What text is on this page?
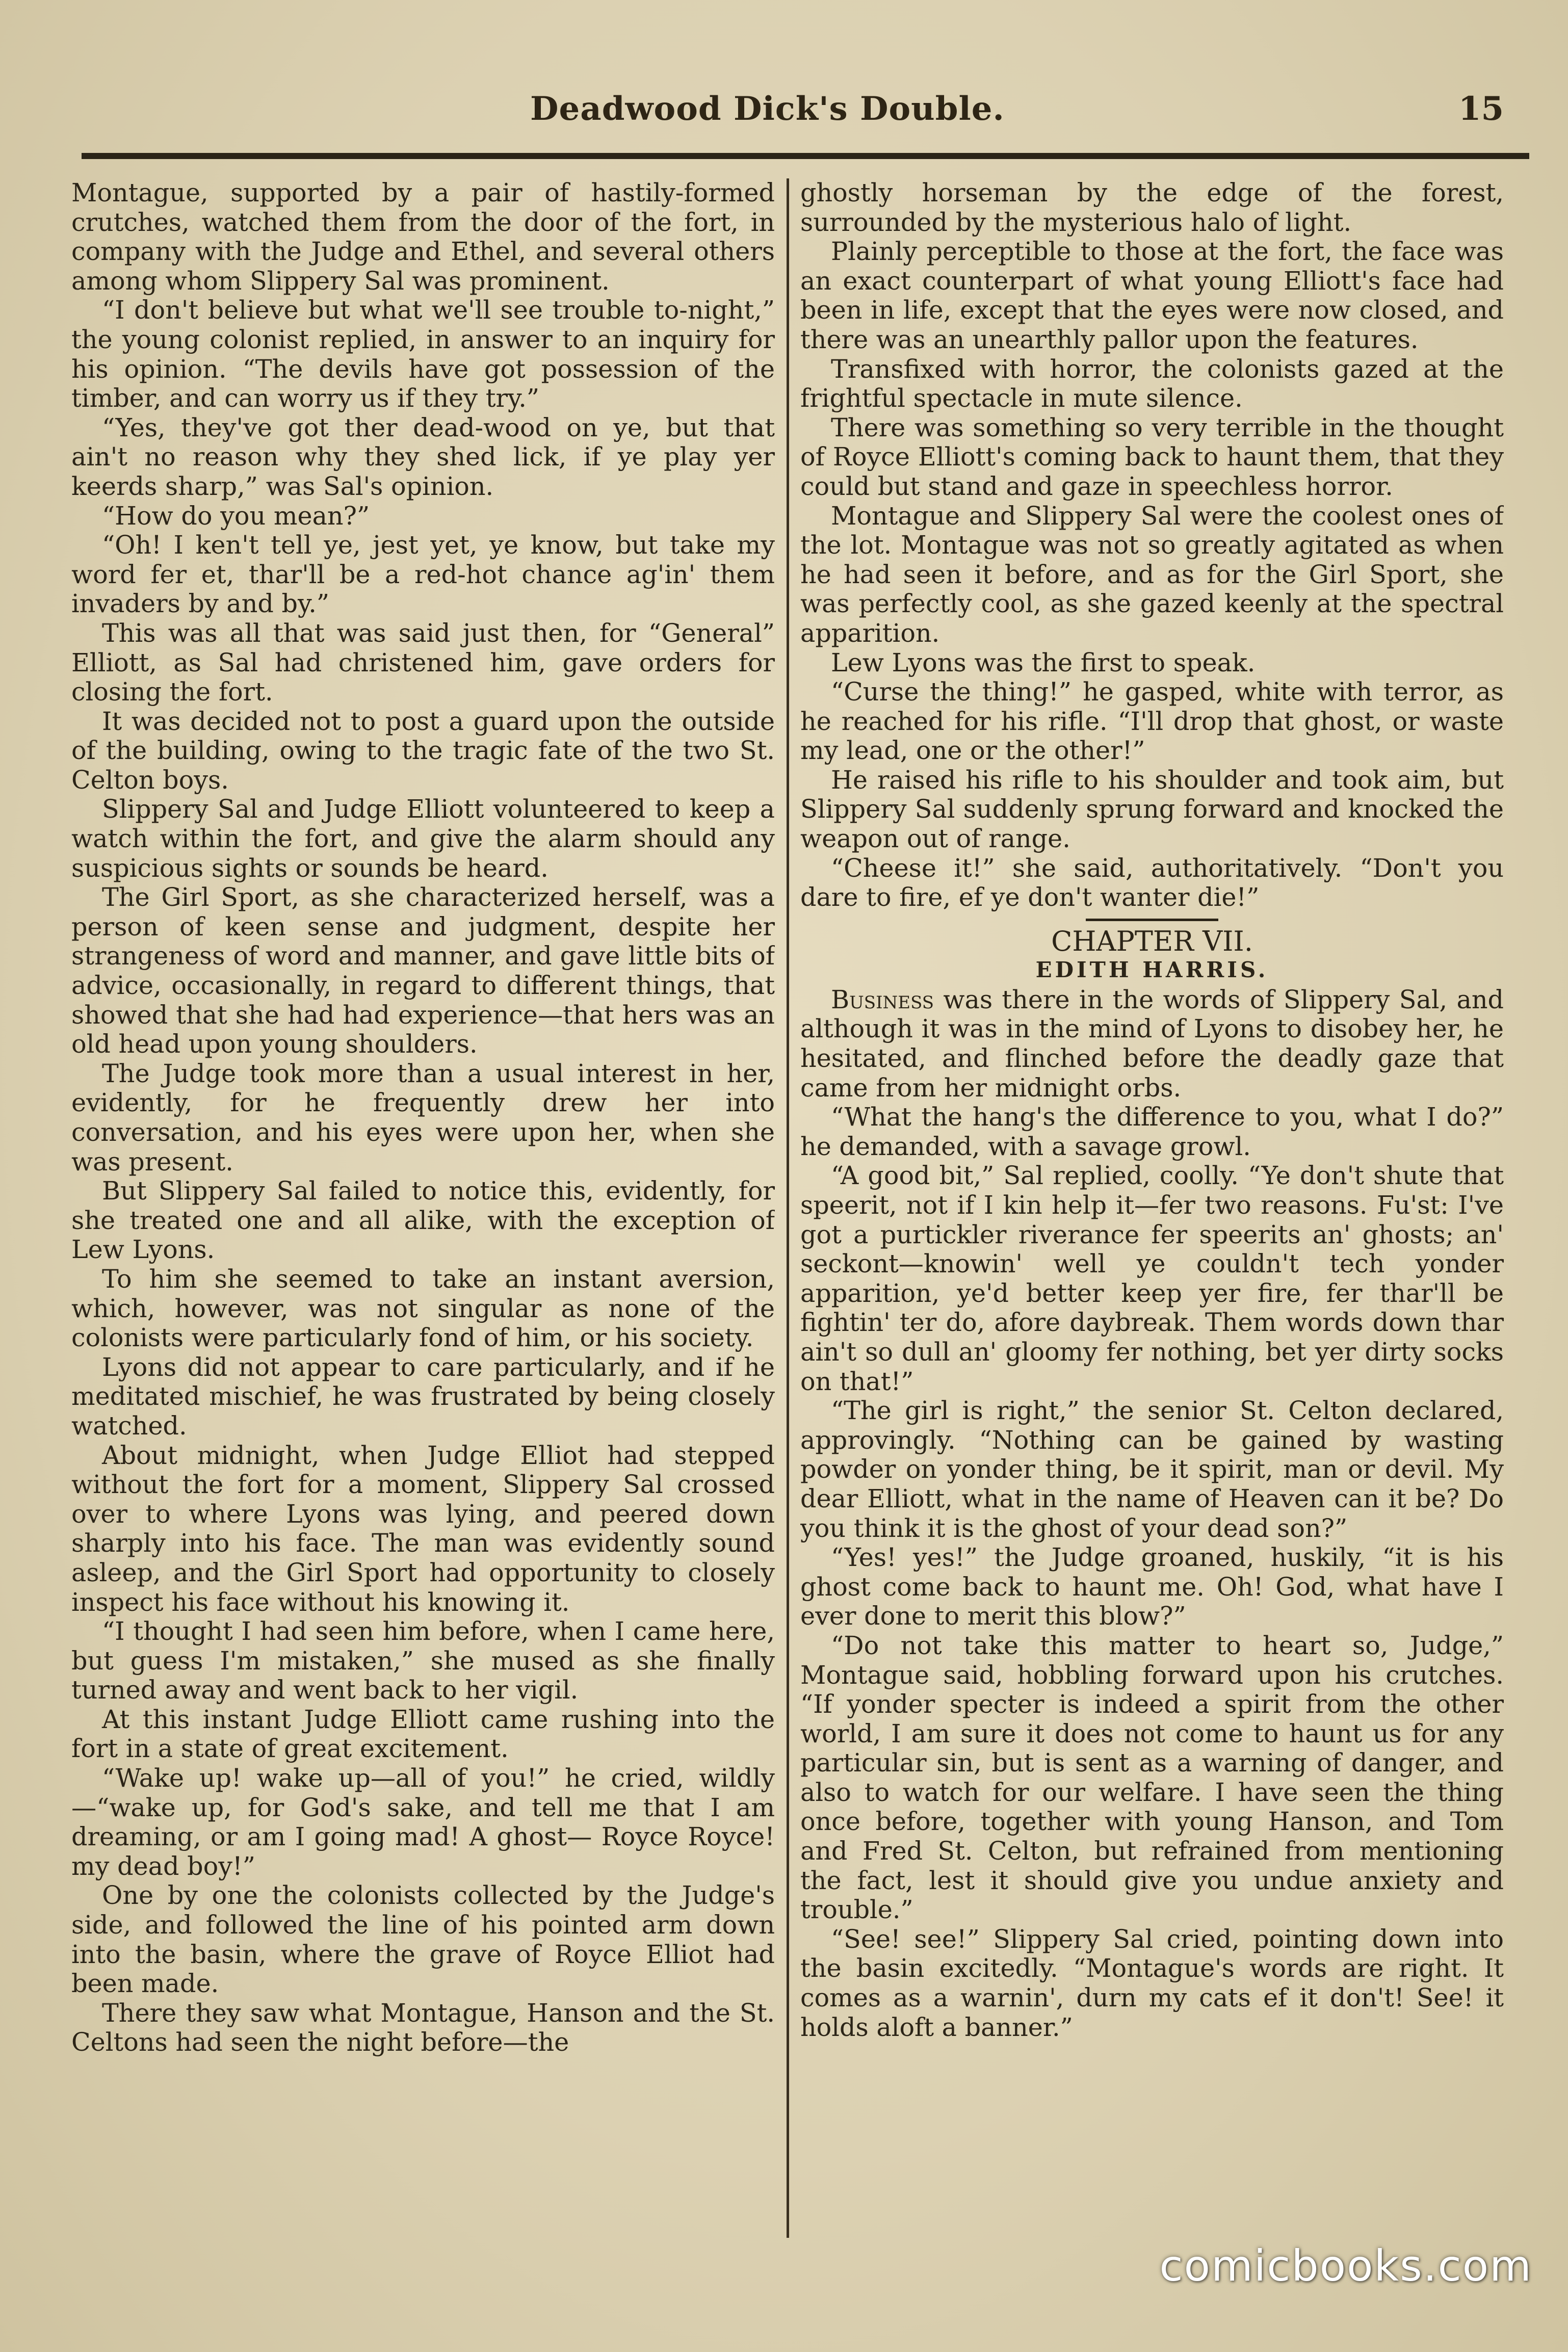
Deadwood Dick's Double.	15

Montague, supported by a pair of hastily-formed crutches, watched them from the door of the fort, in company with the Judge and Ethel, and several others among whom Slippery Sal was prominent.

“I don't believe but what we'll see trouble to-night,” the young colonist replied, in answer to an inquiry for his opinion. “The devils have got possession of the timber, and can worry us if they try.”

“Yes, they've got ther dead-wood on ye, but that ain't no reason why they shed lick, if ye play yer keerds sharp,” was Sal's opinion.

“How do you mean?”

“Oh! I ken't tell ye, jest yet, ye know, but take my word fer et, thar'll be a red-hot chance ag'in' them invaders by and by.”

This was all that was said just then, for “General” Elliott, as Sal had christened him, gave orders for closing the fort.

It was decided not to post a guard upon the outside of the building, owing to the tragic fate of the two St. Celton boys.

Slippery Sal and Judge Elliott volunteered to keep a watch within the fort, and give the alarm should any suspicious sights or sounds be heard.

The Girl Sport, as she characterized herself, was a person of keen sense and judgment, despite her strangeness of word and manner, and gave little bits of advice, occasionally, in regard to different things, that showed that she had had experience—that hers was an old head upon young shoulders.

The Judge took more than a usual interest in her, evidently, for he frequently drew her into conversation, and his eyes were upon her, when she was present.

But Slippery Sal failed to notice this, evidently, for she treated one and all alike, with the exception of Lew Lyons.

To him she seemed to take an instant aversion, which, however, was not singular as none of the colonists were particularly fond of him, or his society.

Lyons did not appear to care particularly, and if he meditated mischief, he was frustrated by being closely watched.

About midnight, when Judge Elliot had stepped without the fort for a moment, Slippery Sal crossed over to where Lyons was lying, and peered down sharply into his face. The man was evidently sound asleep, and the Girl Sport had opportunity to closely inspect his face without his knowing it.

“I thought I had seen him before, when I came here, but guess I'm mistaken,” she mused as she finally turned away and went back to her vigil.

At this instant Judge Elliott came rushing into the fort in a state of great excitement.

“Wake up! wake up—all of you!” he cried, wildly—“wake up, for God's sake, and tell me that I am dreaming, or am I going mad! A ghost— Royce Royce! my dead boy!”

One by one the colonists collected by the Judge's side, and followed the line of his pointed arm down into the basin, where the grave of Royce Elliot had been made.

There they saw what Montague, Hanson and the St. Celtons had seen the night before—the

ghostly horseman by the edge of the forest, surrounded by the mysterious halo of light.

Plainly perceptible to those at the fort, the face was an exact counterpart of what young Elliott's face had been in life, except that the eyes were now closed, and there was an unearthly pallor upon the features.

Transfixed with horror, the colonists gazed at the frightful spectacle in mute silence.

There was something so very terrible in the thought of Royce Elliott's coming back to haunt them, that they could but stand and gaze in speechless horror.

Montague and Slippery Sal were the coolest ones of the lot. Montague was not so greatly agitated as when he had seen it before, and as for the Girl Sport, she was perfectly cool, as she gazed keenly at the spectral apparition.

Lew Lyons was the first to speak.

“Curse the thing!” he gasped, white with terror, as he reached for his rifle. “I'll drop that ghost, or waste my lead, one or the other!”

He raised his rifle to his shoulder and took aim, but Slippery Sal suddenly sprung forward and knocked the weapon out of range.

“Cheese it!” she said, authoritatively. “Don't you dare to fire, ef ye don't wanter die!”

CHAPTER VII.

EDITH HARRIS.

Business was there in the words of Slippery Sal, and although it was in the mind of Lyons to disobey her, he hesitated, and flinched before the deadly gaze that came from her midnight orbs.

“What the hang's the difference to you, what I do?” he demanded, with a savage growl.

“A good bit,” Sal replied, coolly. “Ye don't shute that speerit, not if I kin help it—fer two reasons. Fu'st: I've got a purtickler riverance fer speerits an' ghosts; an' seckont—knowin' well ye couldn't tech yonder apparition, ye'd better keep yer fire, fer thar'll be fightin' ter do, afore daybreak. Them words down thar ain't so dull an' gloomy fer nothing, bet yer dirty socks on that!”

“The girl is right,” the senior St. Celton declared, approvingly. “Nothing can be gained by wasting powder on yonder thing, be it spirit, man or devil. My dear Elliott, what in the name of Heaven can it be? Do you think it is the ghost of your dead son?”

“Yes! yes!” the Judge groaned, huskily, “it is his ghost come back to haunt me. Oh! God, what have I ever done to merit this blow?”

“Do not take this matter to heart so, Judge,” Montague said, hobbling forward upon his crutches. “If yonder specter is indeed a spirit from the other world, I am sure it does not come to haunt us for any particular sin, but is sent as a warning of danger, and also to watch for our welfare. I have seen the thing once before, together with young Hanson, and Tom and Fred St. Celton, but refrained from mentioning the fact, lest it should give you undue anxiety and trouble.”

“See! see!” Slippery Sal cried, pointing down into the basin excitedly. “Montague's words are right. It comes as a warnin', durn my cats ef it don't! See! it holds aloft a banner.”

comicbooks.com
